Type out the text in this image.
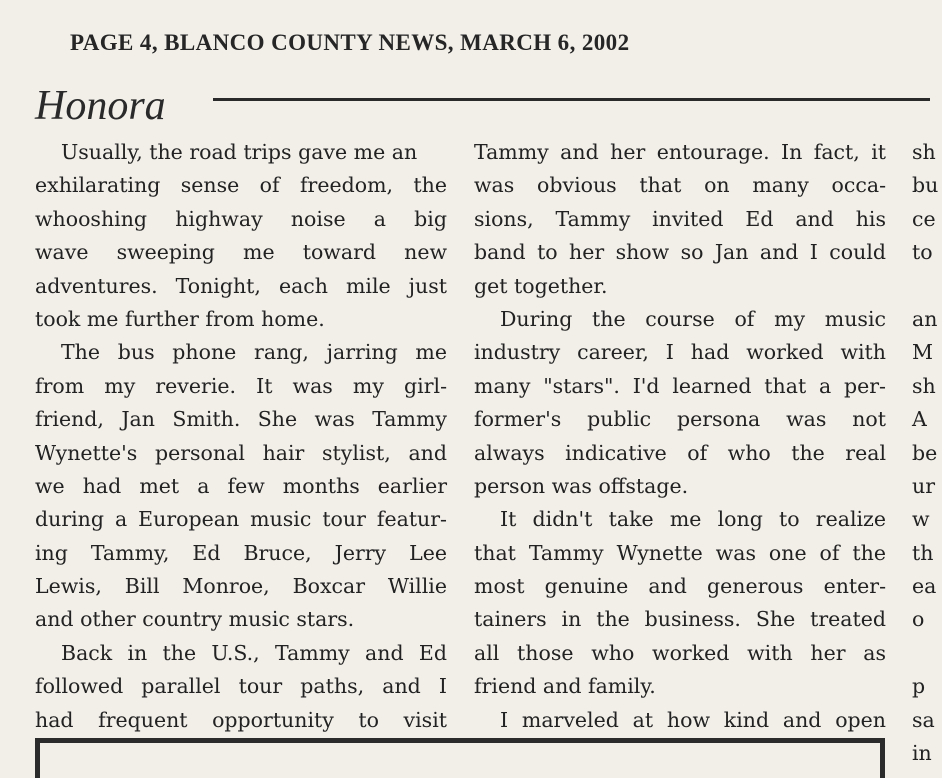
PAGE 4, BLANCO COUNTY NEWS, MARCH 6, 2002
Honora
Usually, the road trips gave me an
exhilarating sense of freedom, the
whooshing highway noise a big
wave sweeping me toward new
adventures. Tonight, each mile just
took me further from home.
The bus phone rang, jarring me
from my reverie. It was my girl-
friend, Jan Smith. She was Tammy
Wynette's personal hair stylist, and
we had met a few months earlier
during a European music tour featur-
ing Tammy, Ed Bruce, Jerry Lee
Lewis, Bill Monroe, Boxcar Willie
and other country music stars.
Back in the U.S., Tammy and Ed
followed parallel tour paths, and I
had frequent opportunity to visit
Tammy and her entourage. In fact, it
was obvious that on many occa-
sions, Tammy invited Ed and his
band to her show so Jan and I could
get together.
During the course of my music
industry career, I had worked with
many "stars". I'd learned that a per-
former's public persona was not
always indicative of who the real
person was offstage.
It didn't take me long to realize
that Tammy Wynette was one of the
most genuine and generous enter-
tainers in the business. She treated
all those who worked with her as
friend and family.
I marveled at how kind and open
sh
bu
ce
to
an
M
sh
A
be
ur
w
th
ea
o
p
sa
in
